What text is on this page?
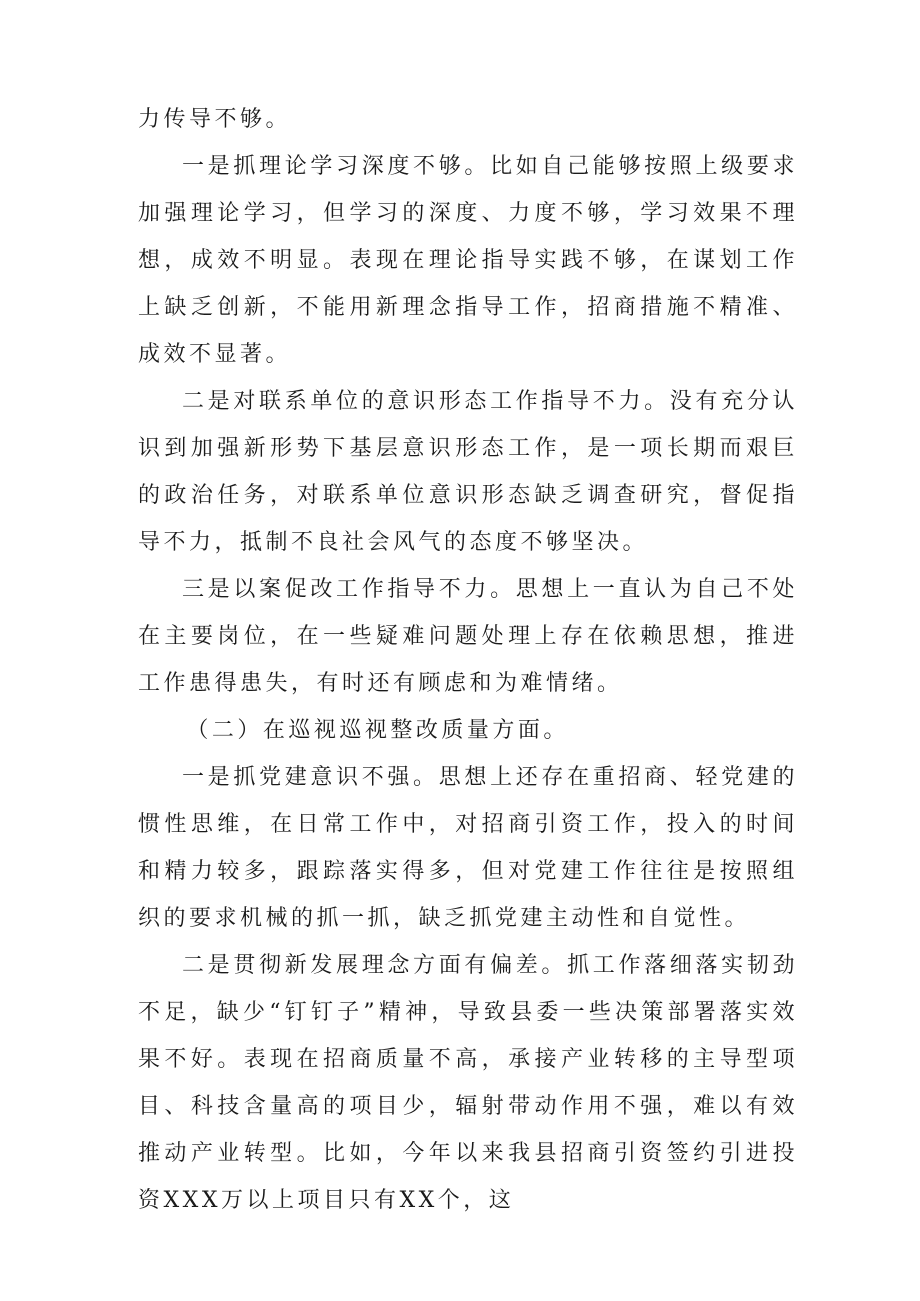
力传导不够。

一是抓理论学习深度不够。比如自己能够按照上级要求加强理论学习，但学习的深度、力度不够，学习效果不理想，成效不明显。表现在理论指导实践不够，在谋划工作上缺乏创新，不能用新理念指导工作，招商措施不精准、成效不显著。

二是对联系单位的意识形态工作指导不力。没有充分认识到加强新形势下基层意识形态工作，是一项长期而艰巨的政治任务，对联系单位意识形态缺乏调查研究，督促指导不力，抵制不良社会风气的态度不够坚决。

三是以案促改工作指导不力。思想上一直认为自己不处在主要岗位，在一些疑难问题处理上存在依赖思想，推进工作患得患失，有时还有顾虑和为难情绪。

（二）在巡视巡视整改质量方面。

一是抓党建意识不强。思想上还存在重招商、轻党建的惯性思维，在日常工作中，对招商引资工作，投入的时间和精力较多，跟踪落实得多，但对党建工作往往是按照组织的要求机械的抓一抓，缺乏抓党建主动性和自觉性。

二是贯彻新发展理念方面有偏差。抓工作落细落实韧劲不足，缺少“钉钉子”精神，导致县委一些决策部署落实效果不好。表现在招商质量不高，承接产业转移的主导型项目、科技含量高的项目少，辐射带动作用不强，难以有效推动产业转型。比如，今年以来我县招商引资签约引进投资XXX万以上项目只有XX个，这
